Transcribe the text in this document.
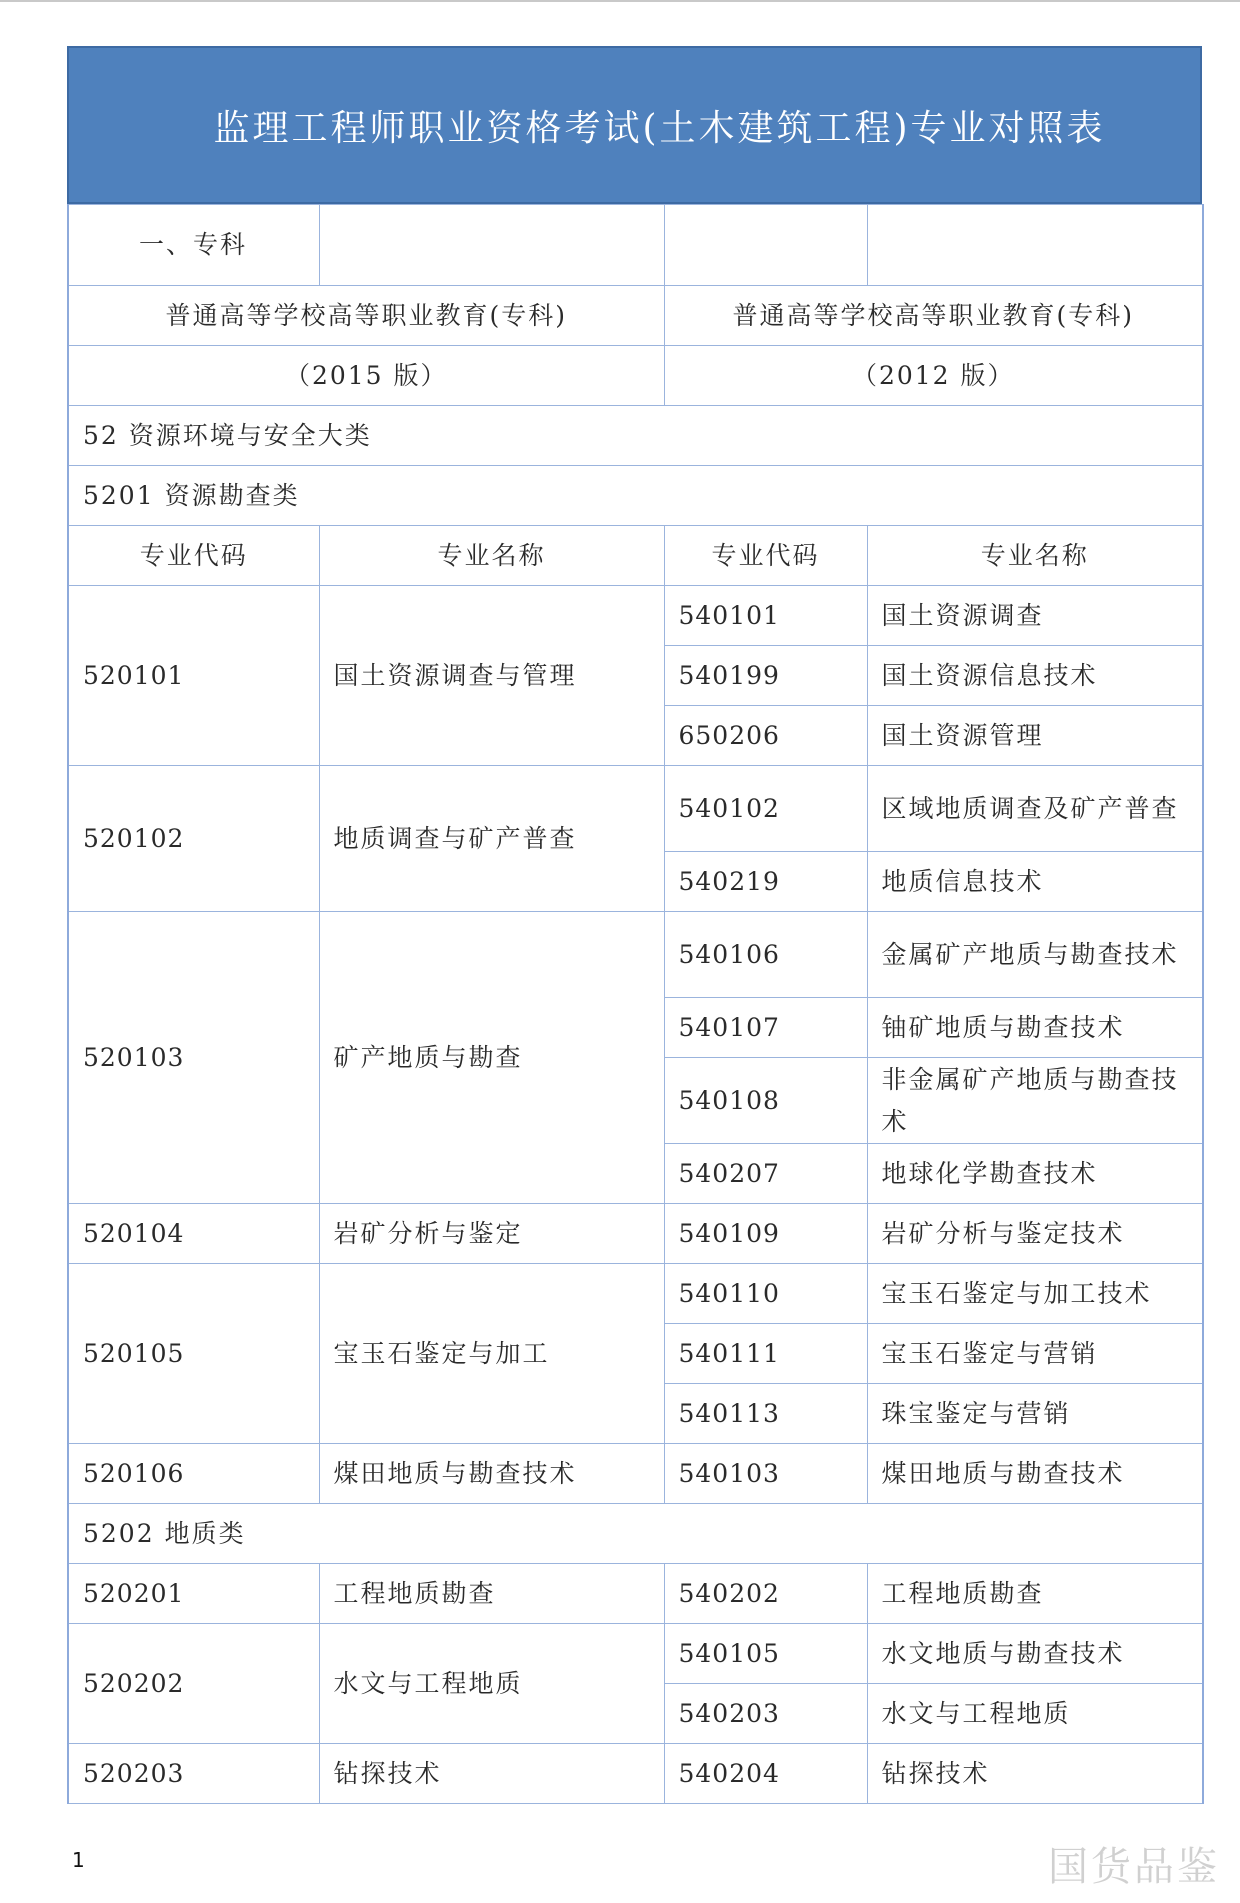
监理工程师职业资格考试(土木建筑工程)专业对照表
一、专科			
普通高等学校高等职业教育(专科)		普通高等学校高等职业教育(专科)	
（2015 版）		（2012 版）	
52 资源环境与安全大类			
5201 资源勘查类			
专业代码	专业名称	专业代码	专业名称
520101	国土资源调查与管理	540101	国土资源调查
		540199	国土资源信息技术
		650206	国土资源管理
520102	地质调查与矿产普查	540102	区域地质调查及矿产普查
		540219	地质信息技术
520103	矿产地质与勘查	540106	金属矿产地质与勘查技术
		540107	铀矿地质与勘查技术
		540108	非金属矿产地质与勘查技术
		540207	地球化学勘查技术
520104	岩矿分析与鉴定	540109	岩矿分析与鉴定技术
520105	宝玉石鉴定与加工	540110	宝玉石鉴定与加工技术
		540111	宝玉石鉴定与营销
		540113	珠宝鉴定与营销
520106	煤田地质与勘查技术	540103	煤田地质与勘查技术
5202 地质类			
520201	工程地质勘查	540202	工程地质勘查
520202	水文与工程地质	540105	水文地质与勘查技术
		540203	水文与工程地质
520203	钻探技术	540204	钻探技术
1	国货品鉴
